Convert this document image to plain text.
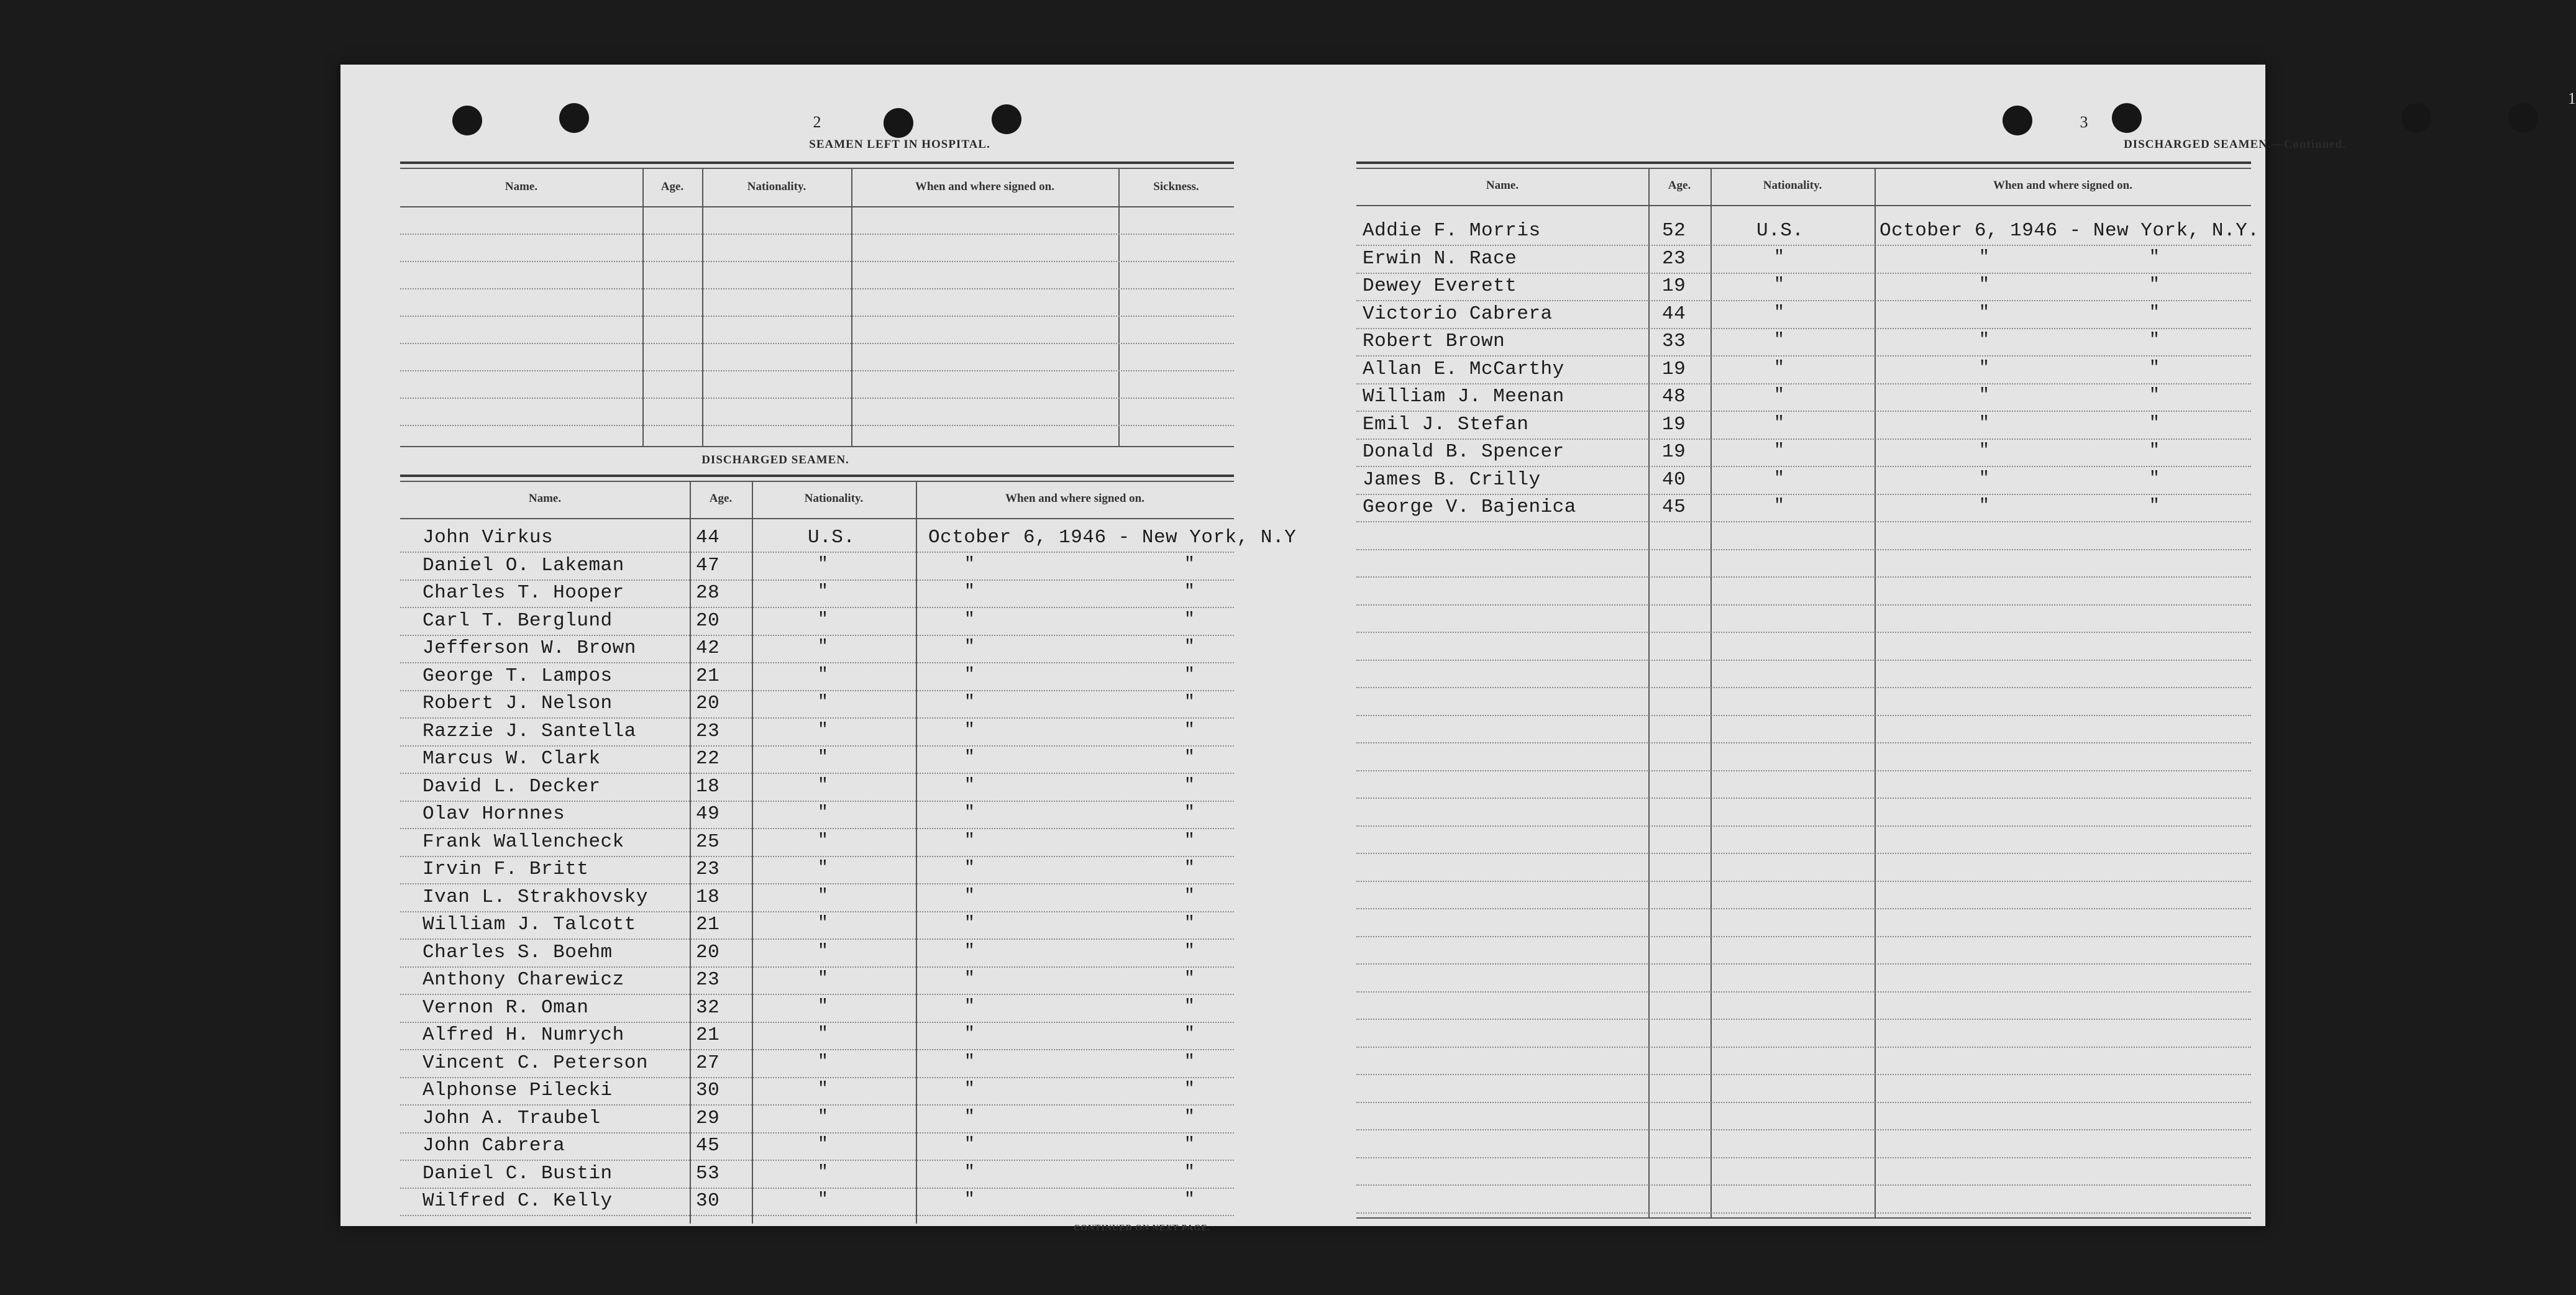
2
SEAMEN LEFT IN HOSPITAL.
Name.	Age.	Nationality.	When and where signed on.	Sickness.
DISCHARGED SEAMEN.
Name.	Age.	Nationality.	When and where signed on.
John Virkus	44	U.S.	October 6, 1946 - New York, N.Y
Daniel O. Lakeman	47	"	"	"
Charles T. Hooper	28	"	"	"
Carl T. Berglund	20	"	"	"
Jefferson W. Brown	42	"	"	"
George T. Lampos	21	"	"	"
Robert J. Nelson	20	"	"	"
Razzie J. Santella	23	"	"	"
Marcus W. Clark	22	"	"	"
David L. Decker	18	"	"	"
Olav Hornnes	49	"	"	"
Frank Wallencheck	25	"	"	"
Irvin F. Britt	23	"	"	"
Ivan L. Strakhovsky 18	"	"	"
William J. Talcott	21	"	"	"
Charles S. Boehm	20	"	"	"
Anthony Charewicz	23	"	"	"
Vernon R. Oman	32	"	"	"
Alfred H. Numrych	21	"	"	"
Vincent C. Peterson 27	"	"	"
Alphonse Pilecki	30	"	"	"
John A. Traubel	29	"	"	"
John Cabrera	45	"	"	"
Daniel C. Bustin	53	"	"	"
Wilfred C. Kelly	30	"	"	"
CONTINUED ON NEXT PAGE.
3
DISCHARGED SEAMEN.—Continued.
1
Name.	Age.	Nationality.	When and where signed on.
Addie F. Morris	52	U.S.	October 6, 1946 - New York, N.Y.
Erwin N. Race	23	"	"	"
Dewey Everett	19	"	"	"
Victorio Cabrera	44	"	"	"
Robert Brown	33	"	"	"
Allan E. McCarthy	19	"	"	"
William J. Meenan	48	"	"	"
Emil J. Stefan	19	"	"	"
Donald B. Spencer	19	"	"	"
James B. Crilly	40	"	"	"
George V. Bajenica	45	"	"	"
